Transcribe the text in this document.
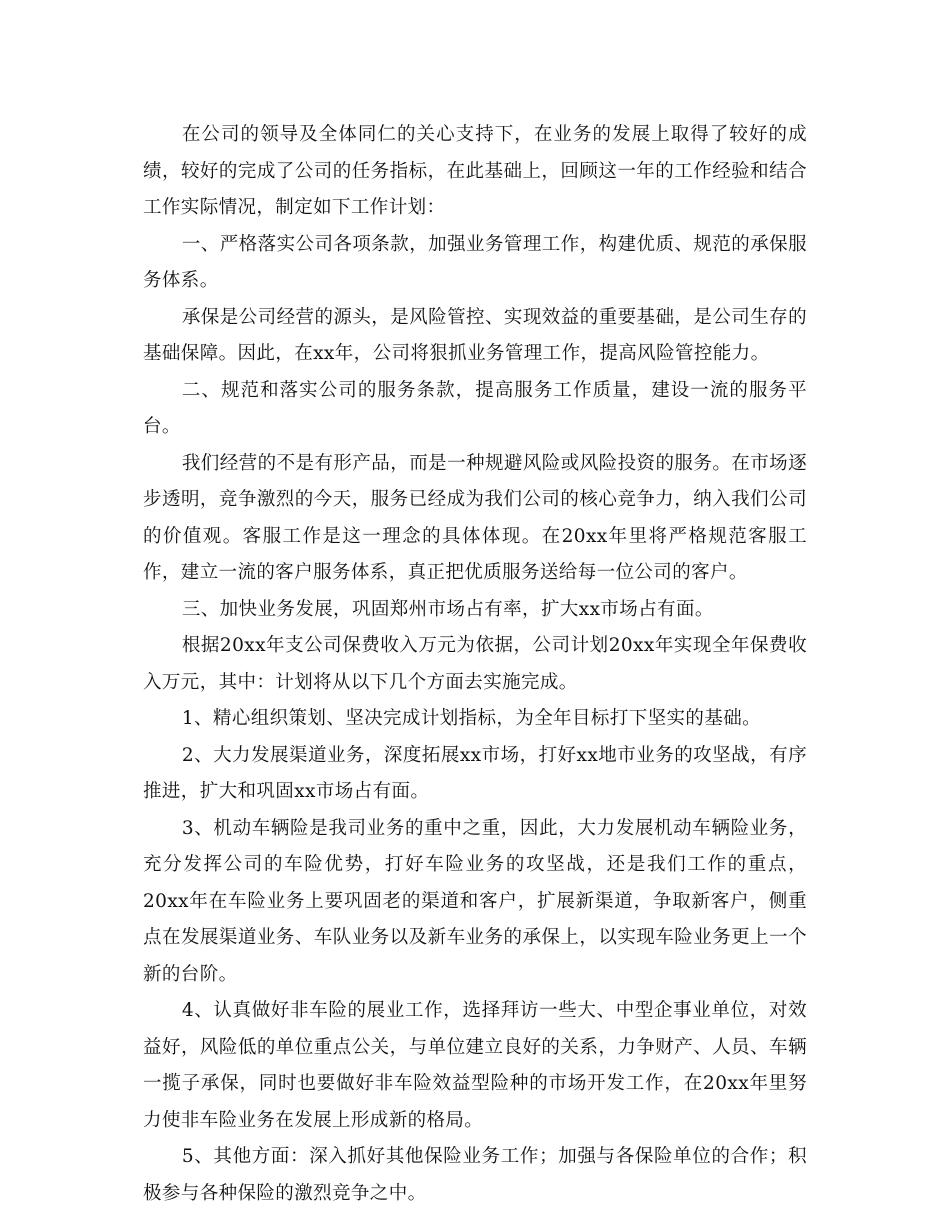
在公司的领导及全体同仁的关心支持下，在业务的发展上取得了较好的成绩，较好的完成了公司的任务指标，在此基础上，回顾这一年的工作经验和结合工作实际情况，制定如下工作计划：

一、严格落实公司各项条款，加强业务管理工作，构建优质、规范的承保服务体系。

承保是公司经营的源头，是风险管控、实现效益的重要基础，是公司生存的基础保障。因此，在xx年，公司将狠抓业务管理工作，提高风险管控能力。

二、规范和落实公司的服务条款，提高服务工作质量，建设一流的服务平台。

我们经营的不是有形产品，而是一种规避风险或风险投资的服务。在市场逐步透明，竞争激烈的今天，服务已经成为我们公司的核心竞争力，纳入我们公司的价值观。客服工作是这一理念的具体体现。在20xx年里将严格规范客服工作，建立一流的客户服务体系，真正把优质服务送给每一位公司的客户。

三、加快业务发展，巩固郑州市场占有率，扩大xx市场占有面。

根据20xx年支公司保费收入万元为依据，公司计划20xx年实现全年保费收入万元，其中：计划将从以下几个方面去实施完成。

1、精心组织策划、坚决完成计划指标，为全年目标打下坚实的基础。

2、大力发展渠道业务，深度拓展xx市场，打好xx地市业务的攻坚战，有序推进，扩大和巩固xx市场占有面。

3、机动车辆险是我司业务的重中之重，因此，大力发展机动车辆险业务，充分发挥公司的车险优势，打好车险业务的攻坚战，还是我们工作的重点，20xx年在车险业务上要巩固老的渠道和客户，扩展新渠道，争取新客户，侧重点在发展渠道业务、车队业务以及新车业务的承保上，以实现车险业务更上一个新的台阶。

4、认真做好非车险的展业工作，选择拜访一些大、中型企事业单位，对效益好，风险低的单位重点公关，与单位建立良好的关系，力争财产、人员、车辆一揽子承保，同时也要做好非车险效益型险种的市场开发工作，在20xx年里努力使非车险业务在发展上形成新的格局。

5、其他方面：深入抓好其他保险业务工作；加强与各保险单位的合作；积极参与各种保险的激烈竞争之中。
